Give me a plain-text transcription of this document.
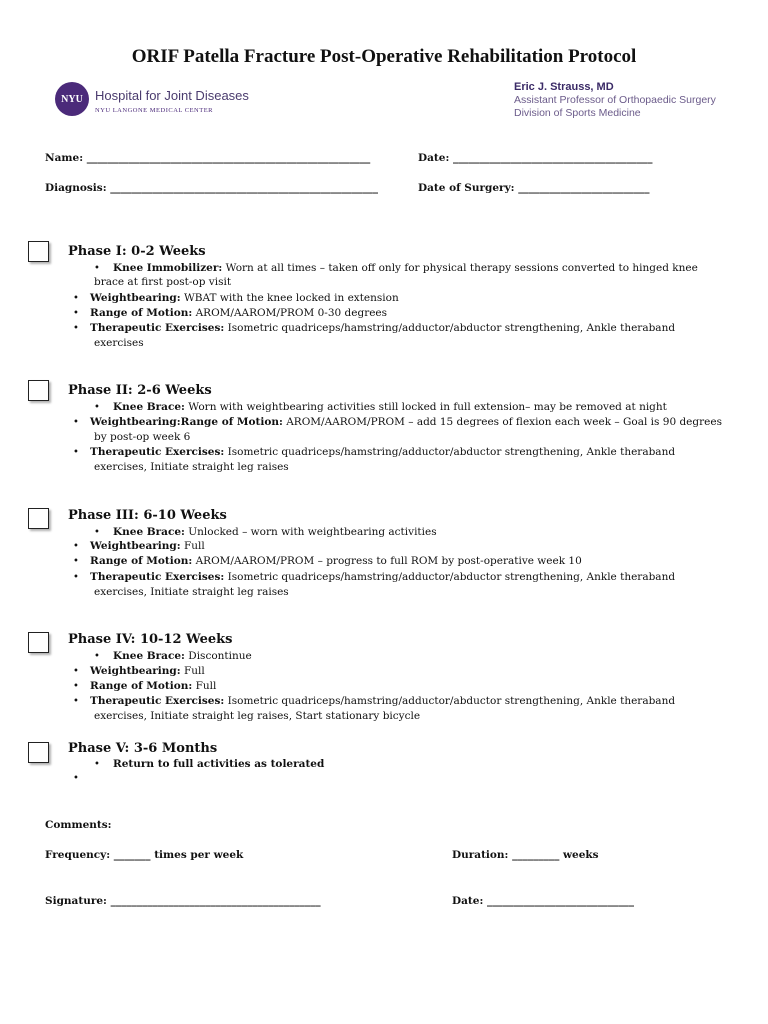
ORIF Patella Fracture Post-Operative Rehabilitation Protocol
NYU Hospital for Joint Diseases
NYU LANGONE MEDICAL CENTER
Eric J. Strauss, MD
Assistant Professor of Orthopaedic Surgery
Division of Sports Medicine
Name: ______________________________________________________	Date: ______________________________________
Diagnosis: ___________________________________________________	Date of Surgery: _________________________
Phase I: 0-2 Weeks
• Knee Immobilizer: Worn at all times – taken off only for physical therapy sessions converted to hinged knee
brace at first post-op visit
• Weightbearing: WBAT with the knee locked in extension
• Range of Motion: AROM/AAROM/PROM 0-30 degrees
• Therapeutic Exercises: Isometric quadriceps/hamstring/adductor/abductor strengthening, Ankle theraband
exercises
Phase II: 2-6 Weeks
• Knee Brace: Worn with weightbearing activities still locked in full extension– may be removed at night
• Weightbearing:Range of Motion: AROM/AAROM/PROM – add 15 degrees of flexion each week – Goal is 90 degrees
by post-op week 6
• Therapeutic Exercises: Isometric quadriceps/hamstring/adductor/abductor strengthening, Ankle theraband
exercises, Initiate straight leg raises
Phase III: 6-10 Weeks
• Knee Brace: Unlocked – worn with weightbearing activities
• Weightbearing: Full
• Range of Motion: AROM/AAROM/PROM – progress to full ROM by post-operative week 10
• Therapeutic Exercises: Isometric quadriceps/hamstring/adductor/abductor strengthening, Ankle theraband
exercises, Initiate straight leg raises
Phase IV: 10-12 Weeks
• Knee Brace: Discontinue
• Weightbearing: Full
• Range of Motion: Full
• Therapeutic Exercises: Isometric quadriceps/hamstring/adductor/abductor strengthening, Ankle theraband
exercises, Initiate straight leg raises, Start stationary bicycle
Phase V: 3-6 Months
• Return to full activities as tolerated
•
Comments:
Frequency: _______ times per week	Duration: _________ weeks
Signature: ________________________________________	Date: ____________________________
